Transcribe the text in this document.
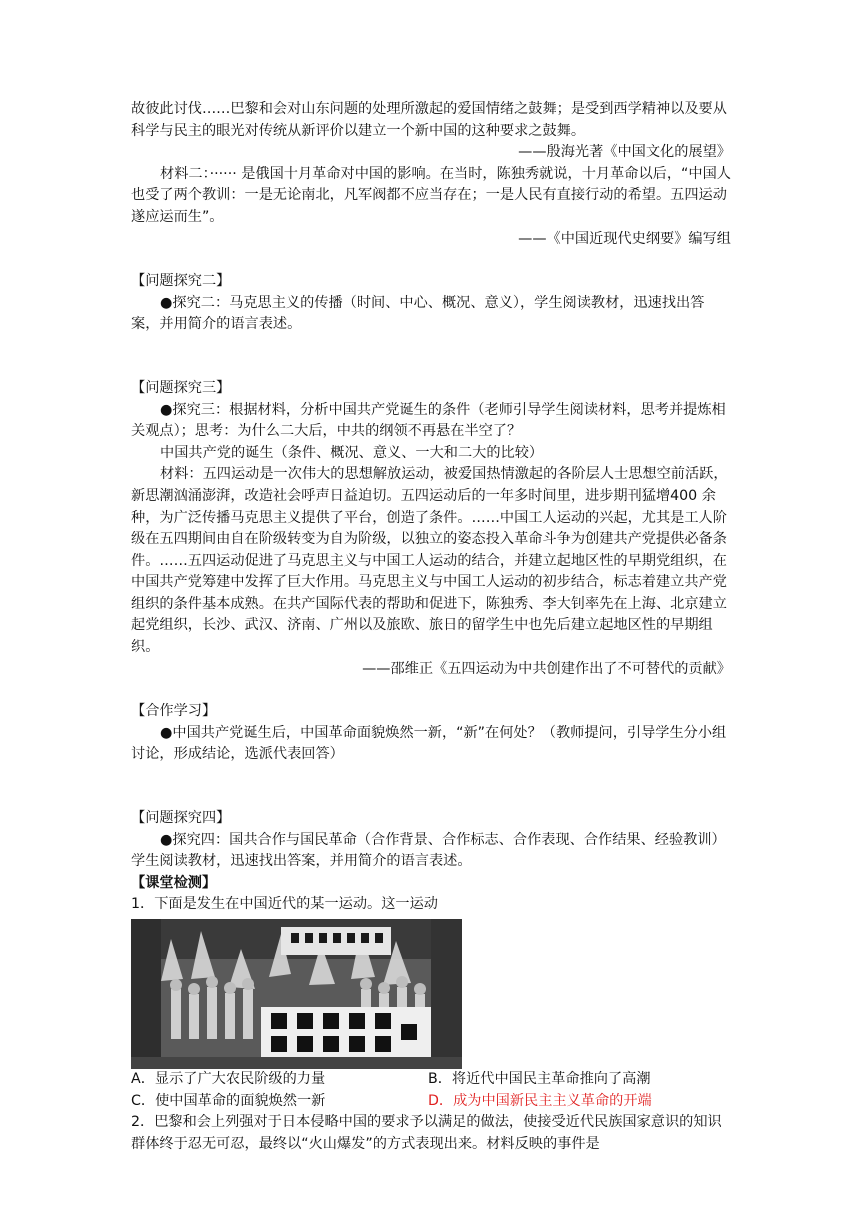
故彼此讨伐……巴黎和会对山东问题的处理所激起的爱国情绪之鼓舞；是受到西学精神以及要从科学与民主的眼光对传统从新评价以建立一个新中国的这种要求之鼓舞。

——殷海光著《中国文化的展望》

材料二：······ 是俄国十月革命对中国的影响。在当时，陈独秀就说，十月革命以后，“中国人也受了两个教训：一是无论南北，凡军阀都不应当存在；一是人民有直接行动的希望。五四运动遂应运而生”。

——《中国近现代史纲要》编写组

【问题探究二】

●探究二：马克思主义的传播（时间、中心、概况、意义），学生阅读教材，迅速找出答案，并用简介的语言表述。

【问题探究三】

●探究三：根据材料，分析中国共产党诞生的条件（老师引导学生阅读材料，思考并提炼相关观点）；思考：为什么二大后，中共的纲领不再悬在半空了？

中国共产党的诞生（条件、概况、意义、一大和二大的比较）

材料：五四运动是一次伟大的思想解放运动，被爱国热情激起的各阶层人士思想空前活跃，新思潮汹涌澎湃，改造社会呼声日益迫切。五四运动后的一年多时间里，进步期刊猛增400 余种，为广泛传播马克思主义提供了平台，创造了条件。……中国工人运动的兴起，尤其是工人阶级在五四期间由自在阶级转变为自为阶级，以独立的姿态投入革命斗争为创建共产党提供必备条件。……五四运动促进了马克思主义与中国工人运动的结合，并建立起地区性的早期党组织，在中国共产党筹建中发挥了巨大作用。马克思主义与中国工人运动的初步结合，标志着建立共产党组织的条件基本成熟。在共产国际代表的帮助和促进下，陈独秀、李大钊率先在上海、北京建立起党组织，长沙、武汉、济南、广州以及旅欧、旅日的留学生中也先后建立起地区性的早期组织。

——邵维正《五四运动为中共创建作出了不可替代的贡献》

【合作学习】

●中国共产党诞生后，中国革命面貌焕然一新，“新”在何处？（教师提问，引导学生分小组讨论，形成结论，选派代表回答）

【问题探究四】

●探究四：国共合作与国民革命（合作背景、合作标志、合作表现、合作结果、经验教训）学生阅读教材，迅速找出答案，并用简介的语言表述。

【课堂检测】

1．下面是发生在中国近代的某一运动。这一运动

A．显示了广大农民阶级的力量	B．将近代中国民主革命推向了高潮

C．使中国革命的面貌焕然一新	D．成为中国新民主主义革命的开端

2．巴黎和会上列强对于日本侵略中国的要求予以满足的做法，使接受近代民族国家意识的知识群体终于忍无可忍，最终以“火山爆发”的方式表现出来。材料反映的事件是
